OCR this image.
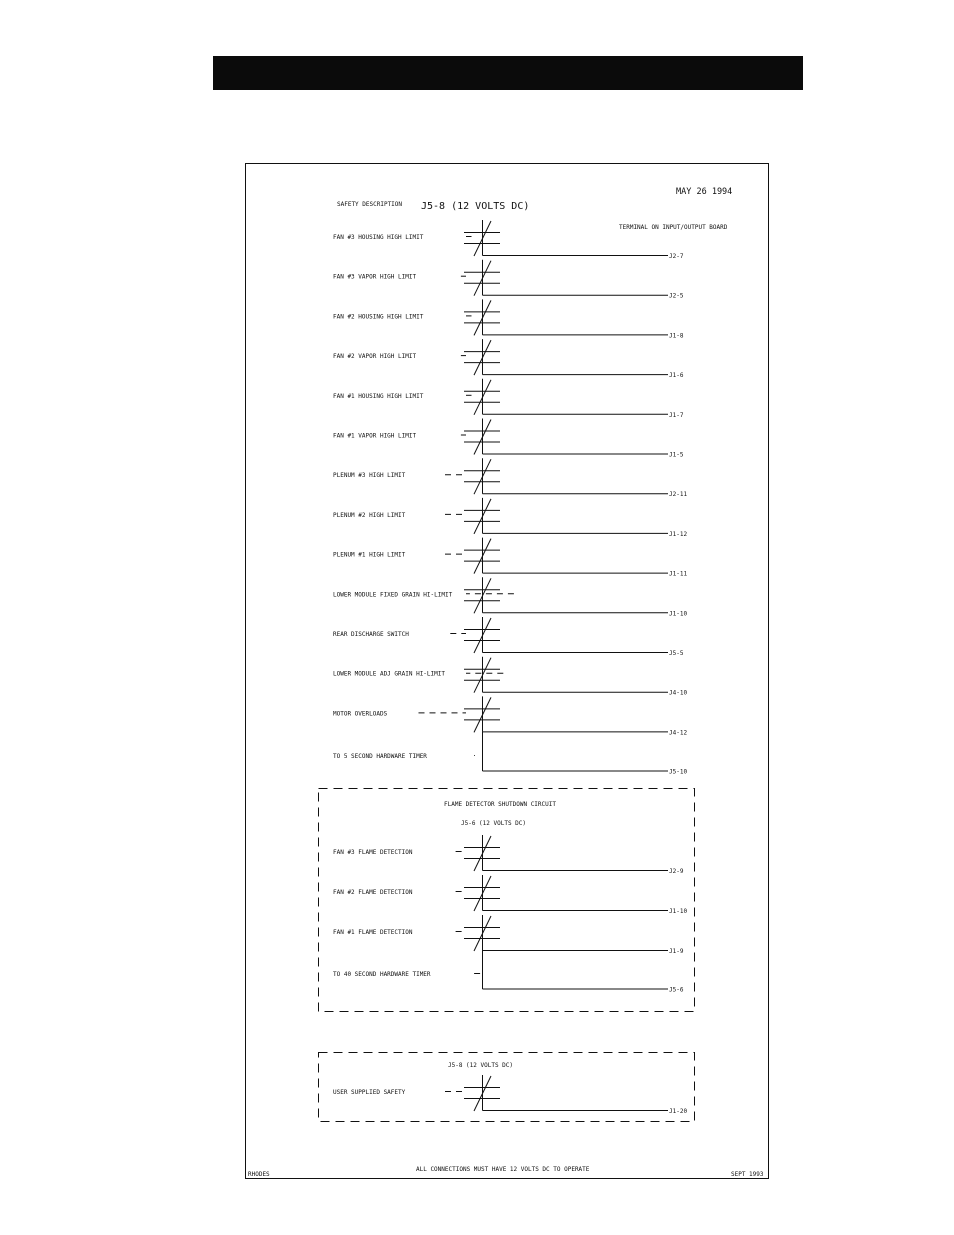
MAY 26 1994
SAFETY DESCRIPTION J5-8 (12 VOLTS DC)
TERMINAL ON INPUT/OUTPUT BOARD
FLAME DETECTOR SHUTDOWN CIRCUIT
J5-6 (12 VOLTS DC)
J5-8 (12 VOLTS DC)
RHODES
ALL CONNECTIONS MUST HAVE 12 VOLTS DC TO OPERATE
SEPT 1993
FAN #3 HOUSING HIGH LIMIT
J2-7
FAN #3 VAPOR HIGH LIMIT
J2-5
FAN #2 HOUSING HIGH LIMIT
J1-8
FAN #2 VAPOR HIGH LIMIT
J1-6
FAN #1 HOUSING HIGH LIMIT
J1-7
FAN #1 VAPOR HIGH LIMIT
J1-5
PLENUM #3 HIGH LIMIT
J2-11
PLENUM #2 HIGH LIMIT
J1-12
PLENUM #1 HIGH LIMIT
J1-11
LOWER MODULE FIXED GRAIN HI-LIMIT
J1-10
REAR DISCHARGE SWITCH
J5-5
LOWER MODULE ADJ GRAIN HI-LIMIT
J4-10
MOTOR OVERLOADS
J4-12
TO 5 SECOND HARDWARE TIMER
J5-10
FAN #3 FLAME DETECTION
J2-9
FAN #2 FLAME DETECTION
J1-10
FAN #1 FLAME DETECTION
J1-9
TO 40 SECOND HARDWARE TIMER
J5-6
USER SUPPLIED SAFETY
J1-20
